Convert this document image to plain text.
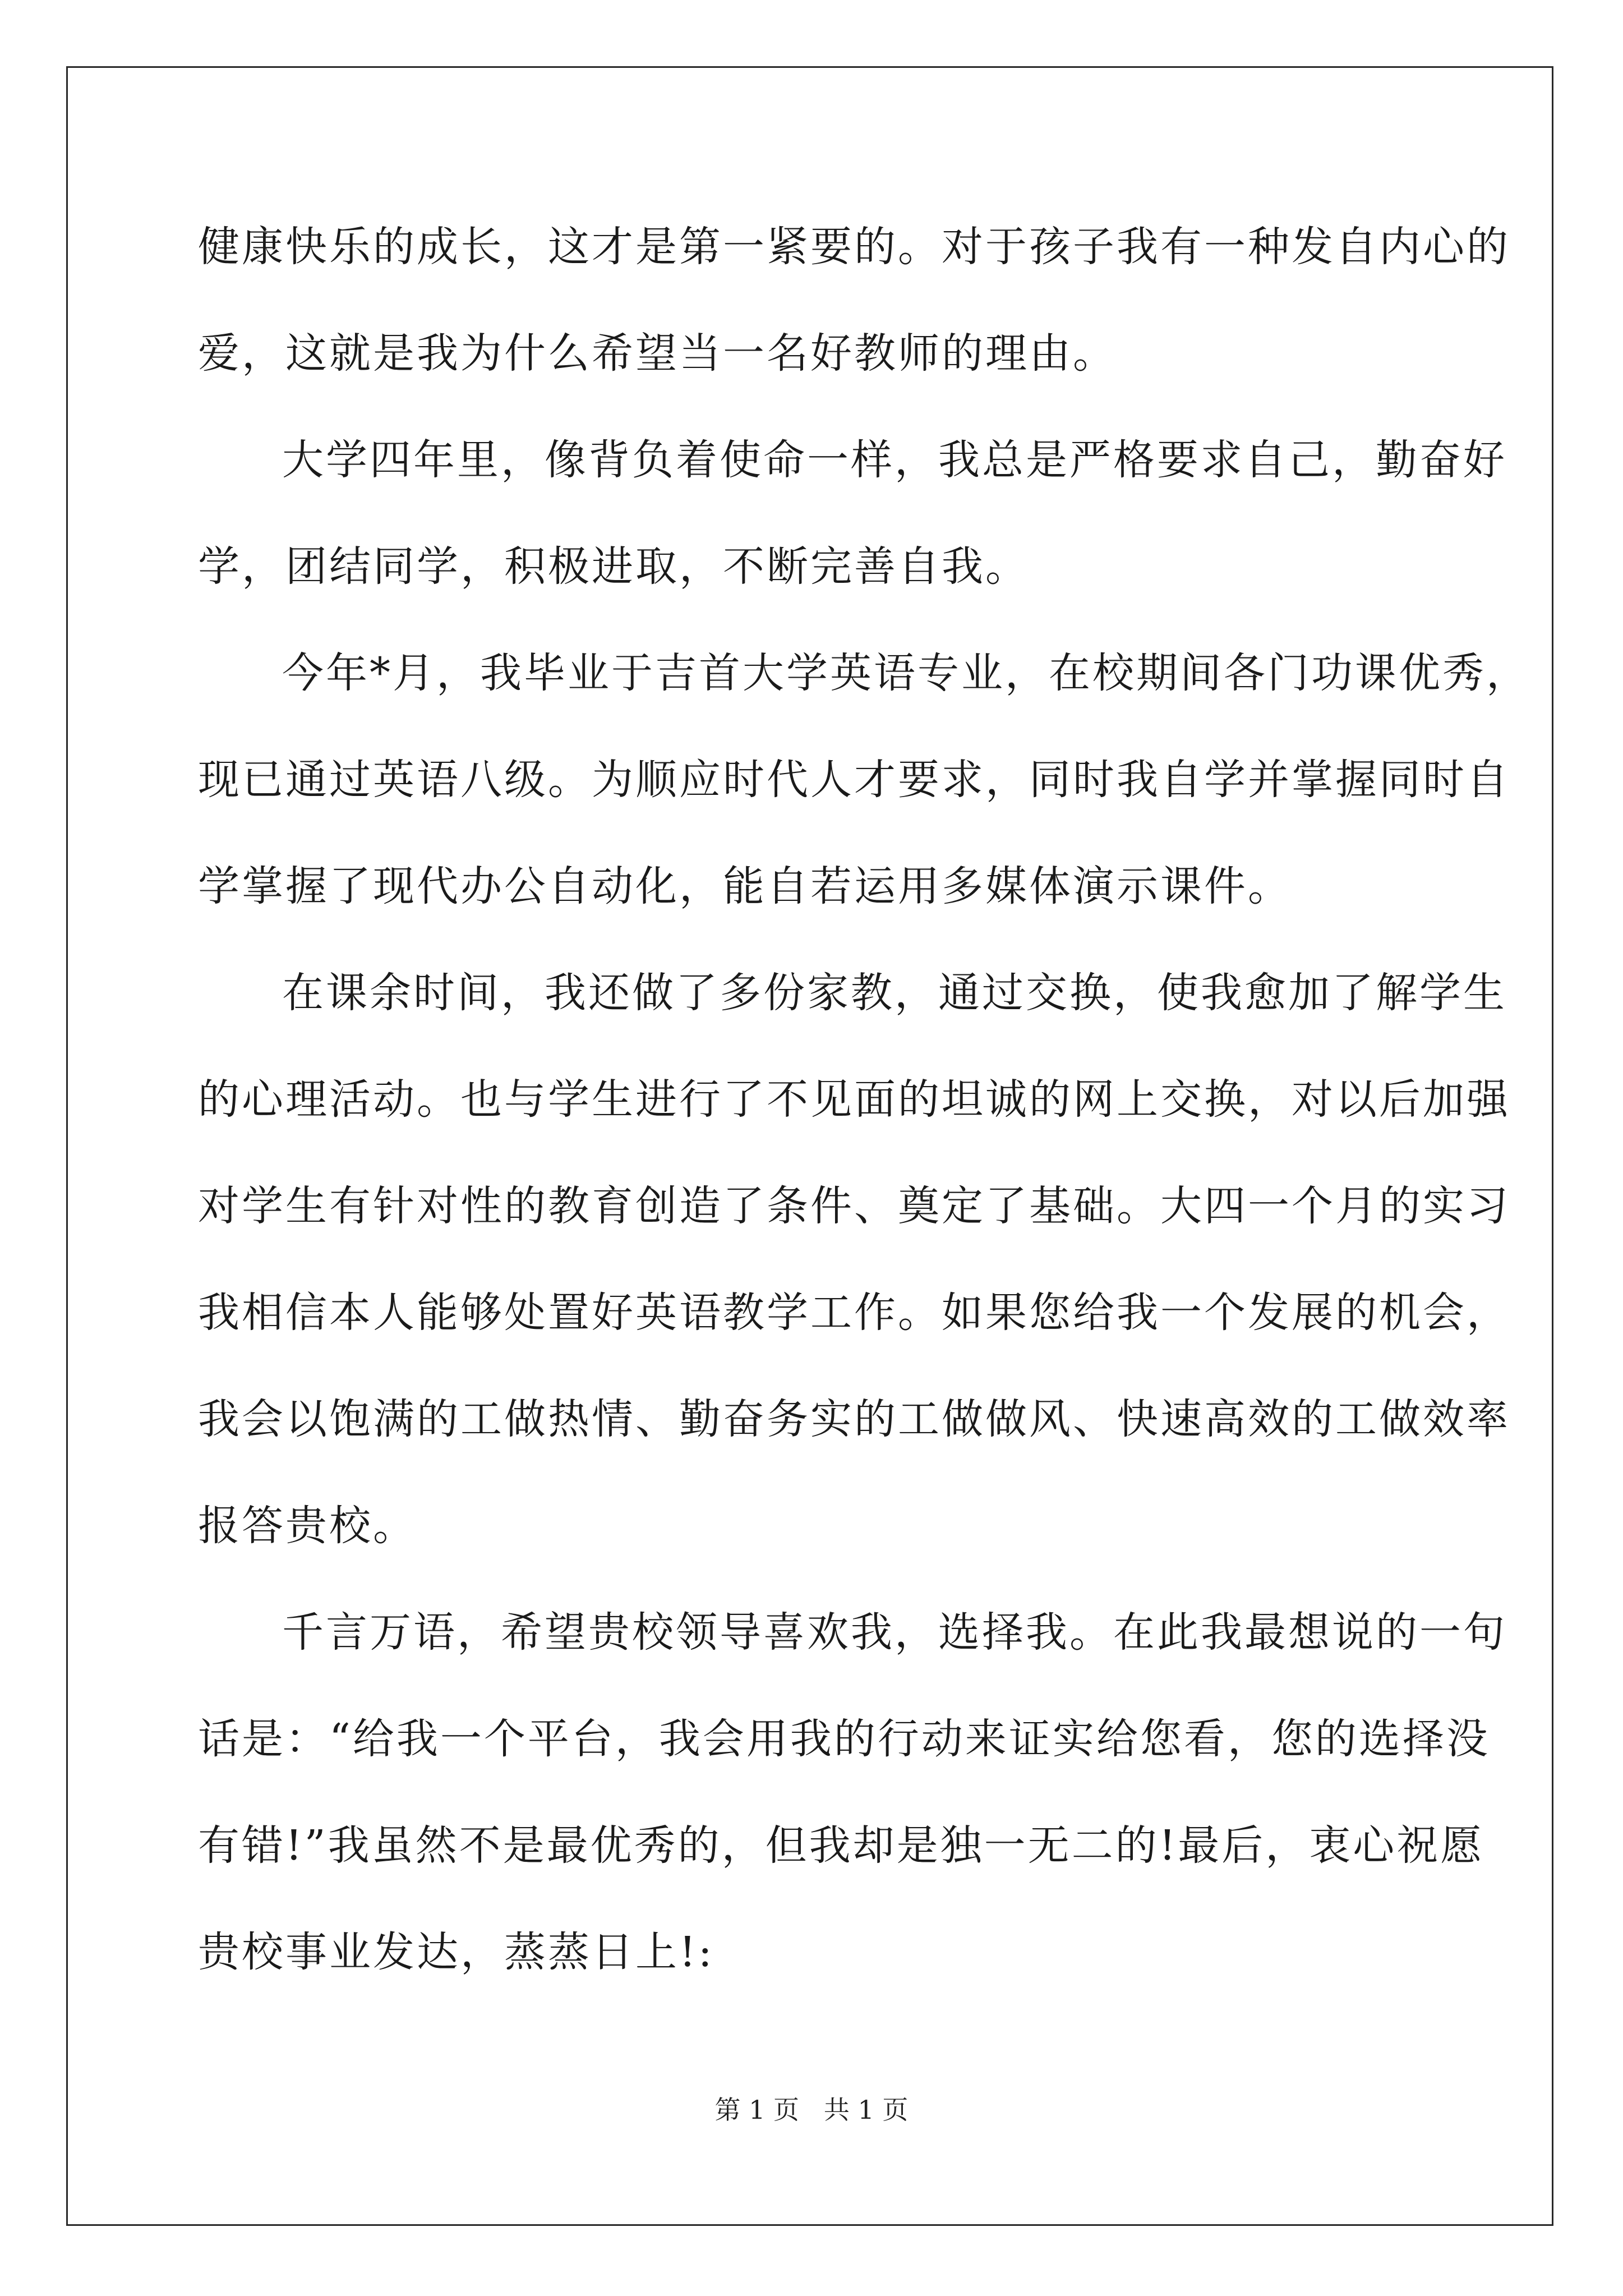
健康快乐的成长，这才是第一紧要的。对于孩子我有一种发自内心的
爱，这就是我为什么希望当一名好教师的理由。
大学四年里，像背负着使命一样，我总是严格要求自己，勤奋好
学，团结同学，积极进取，不断完善自我。
今年*月，我毕业于吉首大学英语专业，在校期间各门功课优秀，
现已通过英语八级。为顺应时代人才要求，同时我自学并掌握同时自
学掌握了现代办公自动化，能自若运用多媒体演示课件。
在课余时间，我还做了多份家教，通过交换，使我愈加了解学生
的心理活动。也与学生进行了不见面的坦诚的网上交换，对以后加强
对学生有针对性的教育创造了条件、奠定了基础。大四一个月的实习
我相信本人能够处置好英语教学工作。如果您给我一个发展的机会，
我会以饱满的工做热情、勤奋务实的工做做风、快速高效的工做效率
报答贵校。
千言万语，希望贵校领导喜欢我，选择我。在此我最想说的一句
话是：“给我一个平台，我会用我的行动来证实给您看，您的选择没
有错!”我虽然不是最优秀的，但我却是独一无二的!最后，衷心祝愿
贵校事业发达，蒸蒸日上!:
第 1 页   共 1 页
